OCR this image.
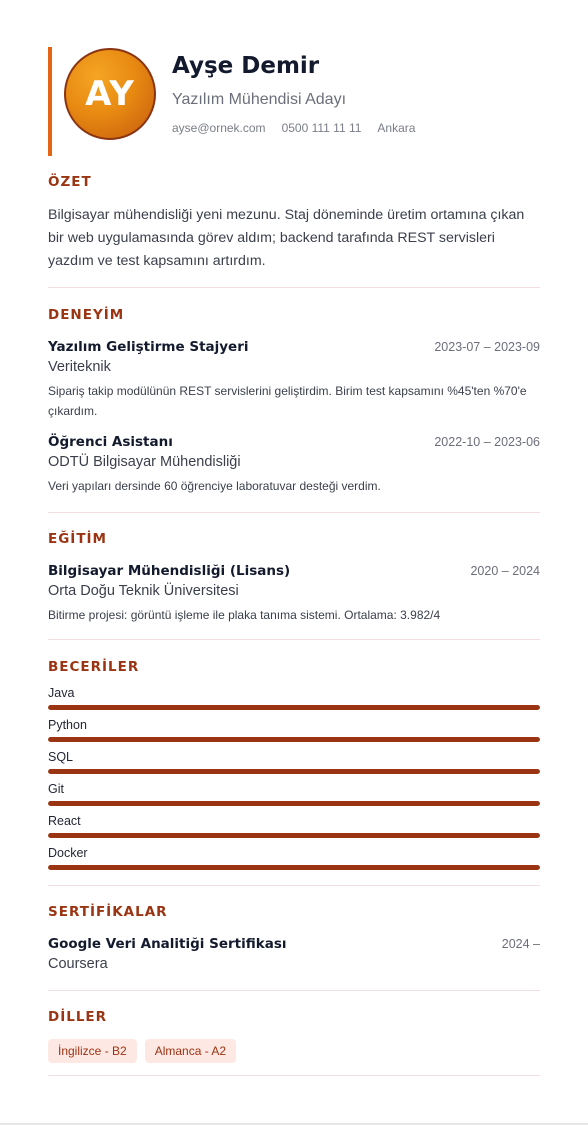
AY
Ayşe Demir
Yazılım Mühendisi Adayı
ayse@ornek.com 0500 111 11 11 Ankara
ÖZET
Bilgisayar mühendisliği yeni mezunu. Staj döneminde üretim ortamına çıkan bir web uygulamasında görev aldım; backend tarafında REST servisleri yazdım ve test kapsamını artırdım.
DENEYİM
Yazılım Geliştirme Stajyeri	2023-07 – 2023-09
Veriteknik
Sipariş takip modülünün REST servislerini geliştirdim. Birim test kapsamını %45'ten %70'e çıkardım.
Öğrenci Asistanı	2022-10 – 2023-06
ODTÜ Bilgisayar Mühendisliği
Veri yapıları dersinde 60 öğrenciye laboratuvar desteği verdim.
EĞİTİM
Bilgisayar Mühendisliği (Lisans)	2020 – 2024
Orta Doğu Teknik Üniversitesi
Bitirme projesi: görüntü işleme ile plaka tanıma sistemi. Ortalama: 3.982/4
BECERİLER
Java
Python
SQL
Git
React
Docker
SERTİFİKALAR
Google Veri Analitiği Sertifikası	2024 –
Coursera
DİLLER
İngilizce - B2	Almanca - A2
